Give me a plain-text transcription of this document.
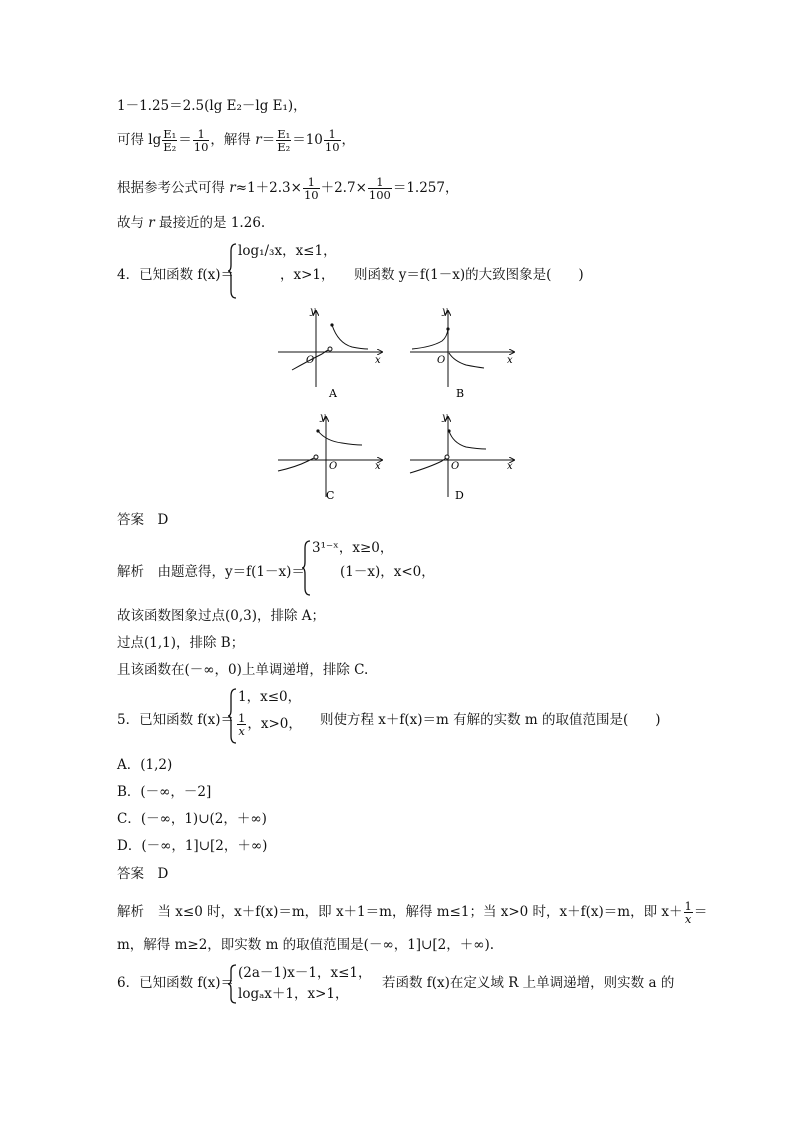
1－1.25＝2.5(lg E₂－lg E₁)，
可得 $\lg \frac{\text{E₁}}{\text{E₂}} = \frac{1}{10}$ ，解得 $r= \frac{\text{E₁}}{\text{E₂}} =10 \frac{1}{10}$ ，
根据参考公式可得 $r\approx 1+2.3\times \frac{1}{10} +2.7\times \frac{1}{100} =1.257$，
故与 r 最接近的是 1.26.
4．已知函数 f(x)＝
log₁/₃x，x≤1，
，x>1， 则函数 y＝f(1－x)的大致图象是(　　)
y
x
O
A
y
x
O
B
y
x
O
C
y
x
O
D
答案　D
解析　由题意得，y＝f(1－x)＝
3¹⁻ˣ，x≥0，
(1－x)，x<0，
故该函数图象过点(0,3)，排除 A；
过点(1,1)，排除 B；
且该函数在(－∞，0)上单调递增，排除 C.
5．已知函数 f(x)＝
1，x≤0，
$\frac{1}{x}$ ，x>0， 则使方程 x＋f(x)＝m 有解的实数 m 的取值范围是(　　)
A．(1,2)
B．(－∞，－2]
C．(－∞，1)∪(2，＋∞)
D．(－∞，1]∪[2，＋∞)
答案　D
解析　当 x≤0 时，x＋f(x)＝m，即 x＋1＝m，解得 m≤1；当 x>0 时，x＋f(x)＝m，即 $x+ \frac{1}{x}$ ＝
m，解得 m≥2，即实数 m 的取值范围是(－∞，1]∪[2，＋∞).
6．已知函数 f(x)＝
(2a－1)x－1，x≤1，
logₐx＋1，x>1，
若函数 f(x)在定义域 R 上单调递增，则实数 a 的
